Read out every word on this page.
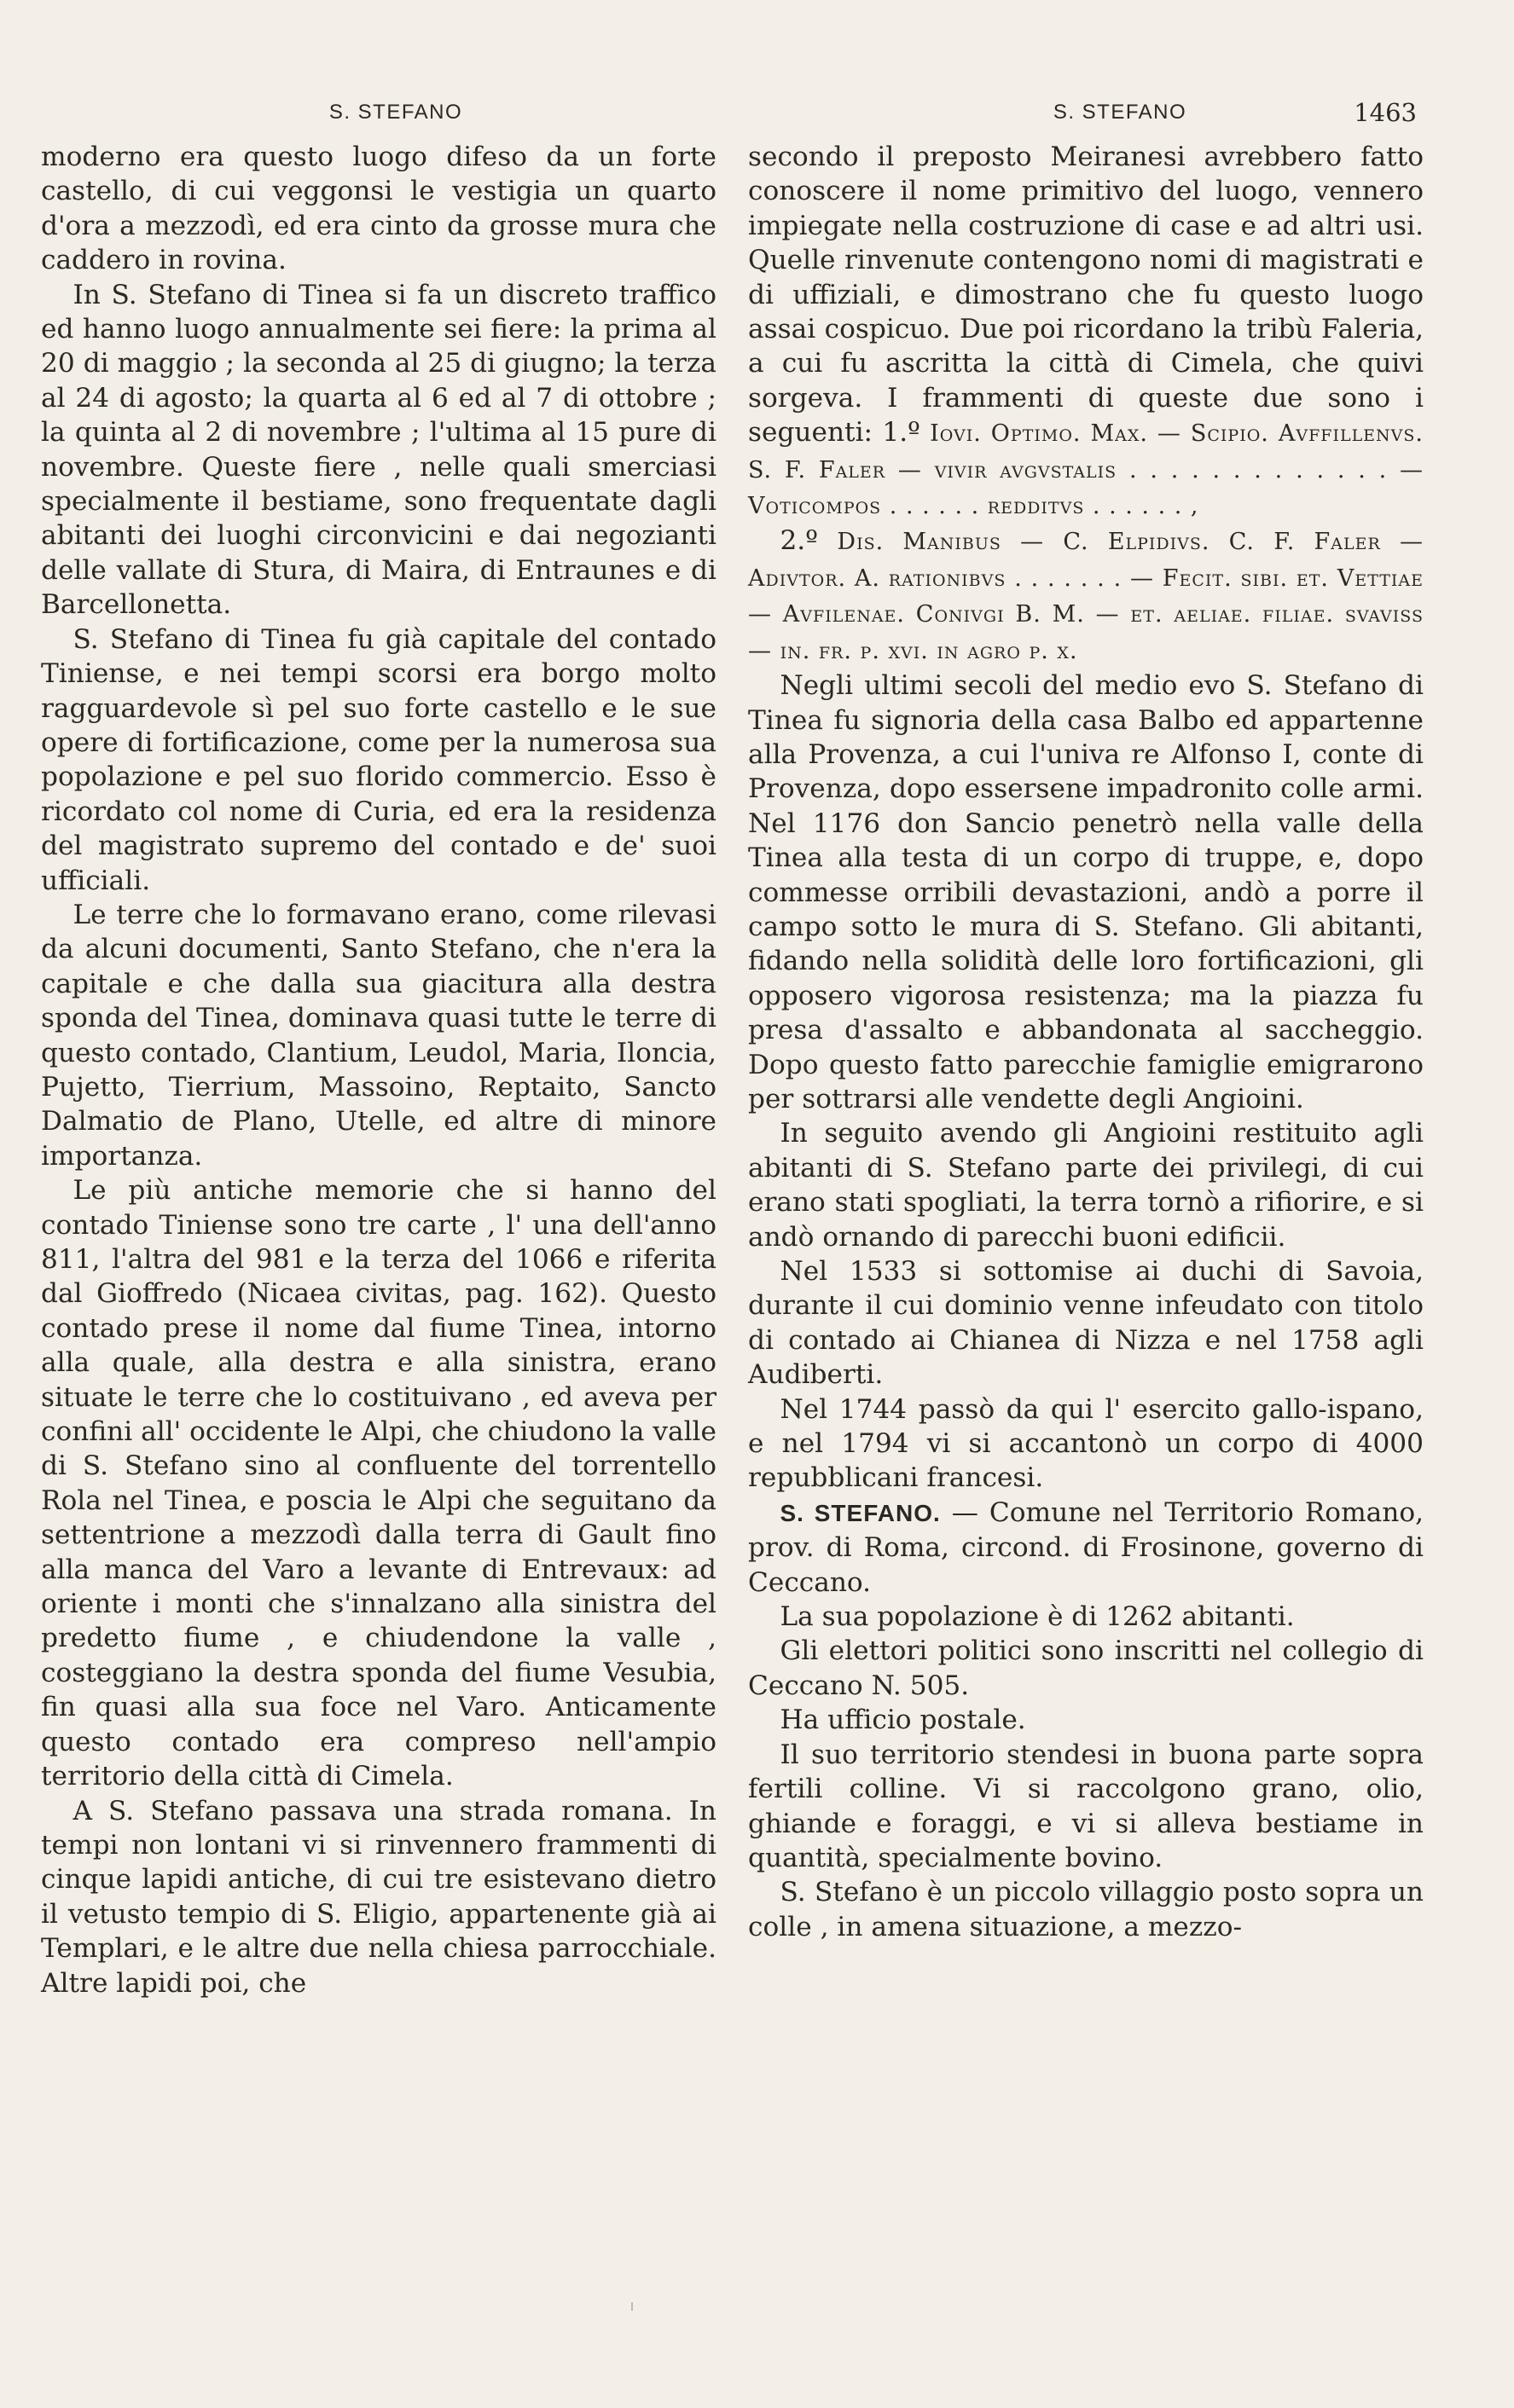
S. STEFANO

moderno era questo luogo difeso da un forte castello, di cui veggonsi le vestigia un quarto d'ora a mezzodì, ed era cinto da grosse mura che caddero in rovina.

In S. Stefano di Tinea si fa un discreto traffico ed hanno luogo annualmente sei fiere: la prima al 20 di maggio ; la seconda al 25 di giugno; la terza al 24 di agosto; la quarta al 6 ed al 7 di ottobre ; la quinta al 2 di novembre ; l'ultima al 15 pure di novembre. Queste fiere , nelle quali smerciasi specialmente il bestiame, sono frequentate dagli abitanti dei luoghi circonvicini e dai negozianti delle vallate di Stura, di Maira, di Entraunes e di Barcellonetta.

S. Stefano di Tinea fu già capitale del contado Tiniense, e nei tempi scorsi era borgo molto ragguardevole sì pel suo forte castello e le sue opere di fortificazione, come per la numerosa sua popolazione e pel suo florido commercio. Esso è ricordato col nome di Curia, ed era la residenza del magistrato supremo del contado e de' suoi ufficiali.

Le terre che lo formavano erano, come rilevasi da alcuni documenti, Santo Stefano, che n'era la capitale e che dalla sua giacitura alla destra sponda del Tinea, dominava quasi tutte le terre di questo contado, Clantium, Leudol, Maria, Iloncia, Pujetto, Tierrium, Massoino, Reptaito, Sancto Dalmatio de Plano, Utelle, ed altre di minore importanza.

Le più antiche memorie che si hanno del contado Tiniense sono tre carte , l' una dell'anno 811, l'altra del 981 e la terza del 1066 e riferita dal Gioffredo (Nicaea civitas, pag. 162). Questo contado prese il nome dal fiume Tinea, intorno alla quale, alla destra e alla sinistra, erano situate le terre che lo costituivano , ed aveva per confini all' occidente le Alpi, che chiudono la valle di S. Stefano sino al confluente del torrentello Rola nel Tinea, e poscia le Alpi che seguitano da settentrione a mezzodì dalla terra di Gault fino alla manca del Varo a levante di Entrevaux: ad oriente i monti che s'innalzano alla sinistra del predetto fiume , e chiudendone la valle , costeggiano la destra sponda del fiume Vesubia, fin quasi alla sua foce nel Varo. Anticamente questo contado era compreso nell'ampio territorio della città di Cimela.

A S. Stefano passava una strada romana. In tempi non lontani vi si rinvennero frammenti di cinque lapidi antiche, di cui tre esistevano dietro il vetusto tempio di S. Eligio, appartenente già ai Templari, e le altre due nella chiesa parrocchiale. Altre lapidi poi, che

S. STEFANO	1463

secondo il preposto Meiranesi avrebbero fatto conoscere il nome primitivo del luogo, vennero impiegate nella costruzione di case e ad altri usi. Quelle rinvenute contengono nomi di magistrati e di uffiziali, e dimostrano che fu questo luogo assai cospicuo. Due poi ricordano la tribù Faleria, a cui fu ascritta la città di Cimela, che quivi sorgeva. I frammenti di queste due sono i seguenti: 1.º Iovi. Optimo. Max. — Scipio. Avffillenvs. S. F. Faler — vivir avgvstalis . . . . . . . . . . . . . — Voticompos . . . . . . redditvs . . . . . . ,

2.º Dis. Manibus — C. Elpidivs. C. F. Faler — Adivtor. A. rationibvs . . . . . . . — Fecit. sibi. et. Vettiae — Avfilenae. Conivgi B. M. — et. aeliae. filiae. svaviss — in. fr. p. xvi. in agro p. x.

Negli ultimi secoli del medio evo S. Stefano di Tinea fu signoria della casa Balbo ed appartenne alla Provenza, a cui l'univa re Alfonso I, conte di Provenza, dopo essersene impadronito colle armi. Nel 1176 don Sancio penetrò nella valle della Tinea alla testa di un corpo di truppe, e, dopo commesse orribili devastazioni, andò a porre il campo sotto le mura di S. Stefano. Gli abitanti, fidando nella solidità delle loro fortificazioni, gli opposero vigorosa resistenza; ma la piazza fu presa d'assalto e abbandonata al saccheggio. Dopo questo fatto parecchie famiglie emigrarono per sottrarsi alle vendette degli Angioini.

In seguito avendo gli Angioini restituito agli abitanti di S. Stefano parte dei privilegi, di cui erano stati spogliati, la terra tornò a rifiorire, e si andò ornando di parecchi buoni edificii.

Nel 1533 si sottomise ai duchi di Savoia, durante il cui dominio venne infeudato con titolo di contado ai Chianea di Nizza e nel 1758 agli Audiberti.

Nel 1744 passò da qui l' esercito gallo-ispano, e nel 1794 vi si accantonò un corpo di 4000 repubblicani francesi.

S. STEFANO. — Comune nel Territorio Romano, prov. di Roma, circond. di Frosinone, governo di Ceccano.

La sua popolazione è di 1262 abitanti.

Gli elettori politici sono inscritti nel collegio di Ceccano N. 505.

Ha ufficio postale.

Il suo territorio stendesi in buona parte sopra fertili colline. Vi si raccolgono grano, olio, ghiande e foraggi, e vi si alleva bestiame in quantità, specialmente bovino.

S. Stefano è un piccolo villaggio posto sopra un colle , in amena situazione, a mezzo-
